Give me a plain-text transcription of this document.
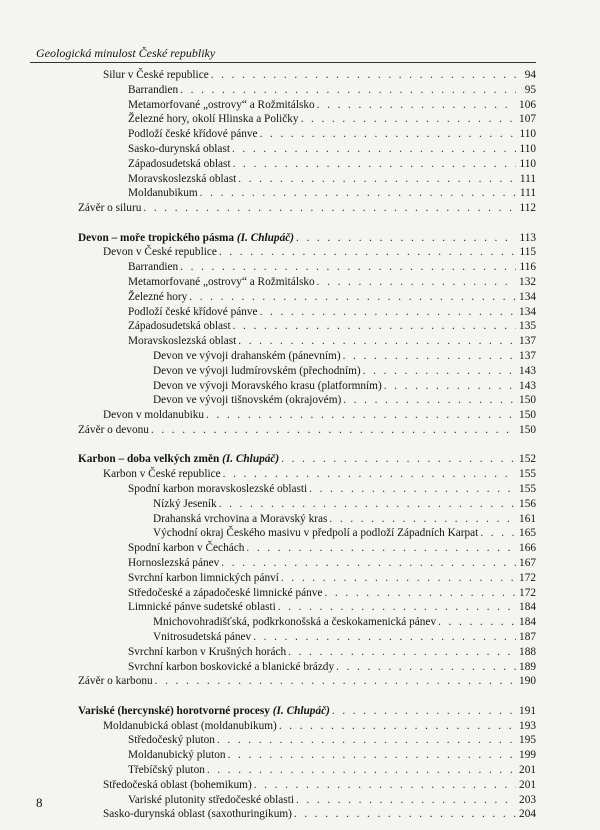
Geologická minulost České republiky
Silur v České republice . . .	94
Barrandien . . .	95
Metamorfované „ostrovy“ a Rožmitálsko . . .	106
Železné hory, okolí Hlinska a Poličky . . .	107
Podloží české křídové pánve . . .	110
Sasko-durynská oblast . . .	110
Západosudetská oblast . . .	110
Moravskoslezská oblast . . .	111
Moldanubikum . . .	111
Závěr o siluru . . .	112
Devon – moře tropického pásma (I. Chlupáč) . . .	113
Devon v České republice . . .	115
Barrandien . . .	116
Metamorfované „ostrovy“ a Rožmitálsko . . .	132
Železné hory . . .	134
Podloží české křídové pánve . . .	134
Západosudetská oblast . . .	135
Moravskoslezská oblast . . .	137
Devon ve vývoji drahanském (pánevním) . . .	137
Devon ve vývoji ludmírovském (přechodním) . . .	143
Devon ve vývoji Moravského krasu (platformním) . . .	143
Devon ve vývoji tišnovském (okrajovém) . . .	150
Devon v moldanubiku . . .	150
Závěr o devonu . . .	150
Karbon – doba velkých změn (I. Chlupáč) . . .	152
Karbon v České republice . . .	155
Spodní karbon moravskoslezské oblasti . . .	155
Nízký Jeseník . . .	156
Drahanská vrchovina a Moravský kras . . .	161
Východní okraj Českého masivu v předpolí a podloží Západních Karpat . . .	165
Spodní karbon v Čechách . . .	166
Hornoslezská pánev . . .	167
Svrchní karbon limnických pánví . . .	172
Středočeské a západočeské limnické pánve . . .	172
Limnické pánve sudetské oblasti . . .	184
Mnichovohradišťská, podkrkonošská a českokamenická pánev . . .	184
Vnitrosudetská pánev . . .	187
Svrchní karbon v Krušných horách . . .	188
Svrchní karbon boskovické a blanické brázdy . . .	189
Závěr o karbonu . . .	190
Variské (hercynské) horotvorné procesy (I. Chlupáč) . . .	191
Moldanubická oblast (moldanubikum) . . .	193
Středočeský pluton . . .	195
Moldanubický pluton . . .	199
Třebíčský pluton . . .	201
Středočeská oblast (bohemikum) . . .	201
Variské plutonity středočeské oblasti . . .	203
Sasko-durynská oblast (saxothuringikum) . . .	204
8
